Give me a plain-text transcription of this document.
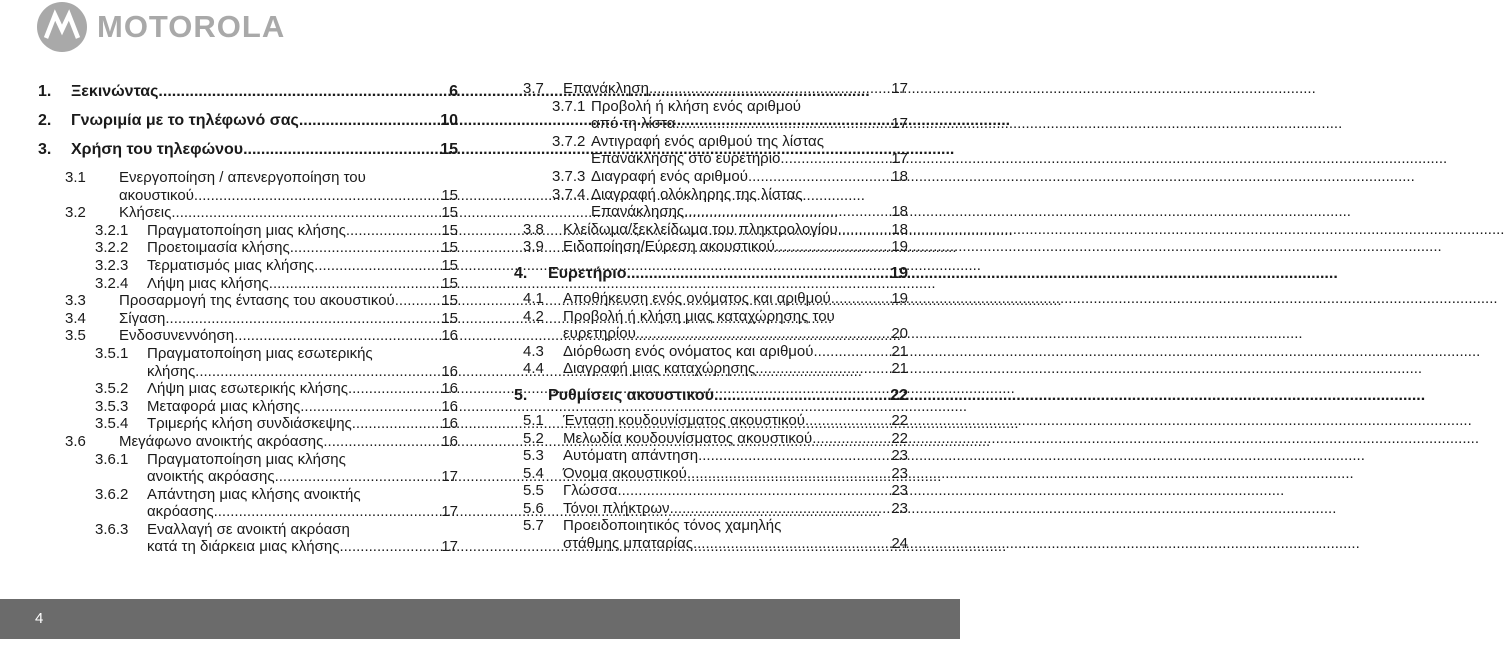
MOTOROLA
1.	Ξεκινώντας .....	6
2.	Γνωριμία με το τηλέφωνό σας .....	10
3.	Χρήση του τηλεφώνου .....	15
3.1	Ενεργοποίηση / απενεργοποίηση του
ακουστικού. .....	15
3.2	Κλήσεις .....	15
3.2.1	Πραγματοποίηση μιας κλήσης .....	15
3.2.2	Προετοιμασία κλήσης .....	15
3.2.3	Τερματισμός μιας κλήσης .....	15
3.2.4	Λήψη μιας κλήσης .....	15
3.3	Προσαρμογή της έντασης του ακουστικού .....	15
3.4	Σίγαση .....	15
3.5	Ενδοσυνεννόηση .....	16
3.5.1	Πραγματοποίηση μιας εσωτερικής
κλήσης .....	16
3.5.2	Λήψη μιας εσωτερικής κλήσης .....	16
3.5.3	Μεταφορά μιας κλήσης .....	16
3.5.4	Τριμερής κλήση συνδιάσκεψης .....	16
3.6	Μεγάφωνο ανοικτής ακρόασης .....	16
3.6.1	Πραγματοποίηση μιας κλήσης
ανοικτής ακρόασης .....	17
3.6.2	Απάντηση μιας κλήσης ανοικτής
ακρόασης .....	17
3.6.3	Εναλλαγή σε ανοικτή ακρόαση
κατά τη διάρκεια μιας κλήσης .....	17
3.7	Επανάκληση .....	17
3.7.1 Προβολή ή κλήση ενός αριθμού
από τη λίστα .....	17
3.7.2 Αντιγραφή ενός αριθμού της λίστας
Επανάκλησης στο ευρετήριο .....	17
3.7.3 Διαγραφή ενός αριθμού .....	18
3.7.4 Διαγραφή ολόκληρης της λίστας
Επανάκλησης .....	18
3.8	Κλείδωμα/ξεκλείδωμα του πληκτρολογίου .....	18
3.9	Ειδοποίηση/Εύρεση ακουστικού .....	19
4.	Ευρετήριο .....	19
4.1	Αποθήκευση ενός ονόματος και αριθμού .....	19
4.2	Προβολή ή κλήση μιας καταχώρησης του
ευρετηρίου .....	20
4.3	Διόρθωση ενός ονόματος και αριθμού .....	21
4.4	Διαγραφή μιας καταχώρησης .....	21
5.	Ρυθμίσεις ακουστικού .....	22
5.1	Ένταση κουδουνίσματος ακουστικού .....	22
5.2	Μελωδία κουδουνίσματος ακουστικού .....	22
5.3	Αυτόματη απάντηση .....	23
5.4	Όνομα ακουστικού .....	23
5.5	Γλώσσα .....	23
5.6	Τόνοι πλήκτρων .....	23
5.7	Προειδοποιητικός τόνος χαμηλής
στάθμης μπαταρίας .....	24
4
